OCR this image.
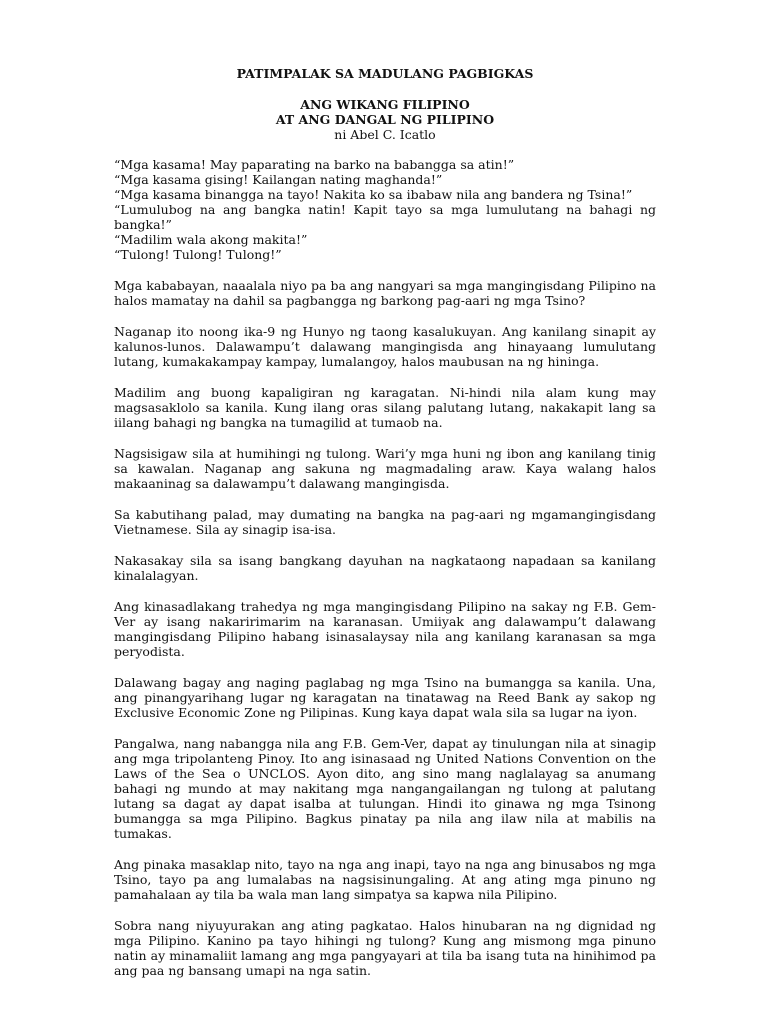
PATIMPALAK SA MADULANG PAGBIGKAS

ANG WIKANG FILIPINO

AT ANG DANGAL NG PILIPINO

ni Abel C. Icatlo

“Mga kasama! May paparating na barko na babangga sa atin!”
“Mga kasama gising! Kailangan nating maghanda!”
“Mga kasama binangga na tayo! Nakita ko sa ibabaw nila ang bandera ng Tsina!”
“Lumulubog na ang bangka natin! Kapit tayo sa mga lumulutang na bahagi ng bangka!”
“Madilim wala akong makita!”
“Tulong! Tulong! Tulong!”

Mga kababayan, naaalala niyo pa ba ang nangyari sa mga mangingisdang Pilipino na halos mamatay na dahil sa pagbangga ng barkong pag-aari ng mga Tsino?

Naganap ito noong ika-9 ng Hunyo ng taong kasalukuyan. Ang kanilang sinapit ay kalunos-lunos. Dalawampu’t dalawang mangingisda ang hinayaang lumulutang lutang, kumakakampay kampay, lumalangoy, halos maubusan na ng hininga.

Madilim ang buong kapaligiran ng karagatan. Ni-hindi nila alam kung may magsasaklolo sa kanila. Kung ilang oras silang palutang lutang, nakakapit lang sa iilang bahagi ng bangka na tumagilid at tumaob na.

Nagsisigaw sila at humihingi ng tulong. Wari’y mga huni ng ibon ang kanilang tinig sa kawalan. Naganap ang sakuna ng magmadaling araw. Kaya walang halos makaaninag sa dalawampu’t dalawang mangingisda.

Sa kabutihang palad, may dumating na bangka na pag-aari ng mgamangingisdang Vietnamese. Sila ay sinagip isa-isa.

Nakasakay sila sa isang bangkang dayuhan na nagkataong napadaan sa kanilang kinalalagyan.

Ang kinasadlakang trahedya ng mga mangingisdang Pilipino na sakay ng F.B. Gem-Ver ay isang nakaririmarim na karanasan. Umiiyak ang dalawampu’t dalawang mangingisdang Pilipino habang isinasalaysay nila ang kanilang karanasan sa mga peryodista.

Dalawang bagay ang naging paglabag ng mga Tsino na bumangga sa kanila. Una, ang pinangyarihang lugar ng karagatan na tinatawag na Reed Bank ay sakop ng Exclusive Economic Zone ng Pilipinas. Kung kaya dapat wala sila sa lugar na iyon.

Pangalwa, nang nabangga nila ang F.B. Gem-Ver, dapat ay tinulungan nila at sinagip ang mga tripolanteng Pinoy. Ito ang isinasaad ng United Nations Convention on the Laws of the Sea o UNCLOS. Ayon dito, ang sino mang naglalayag sa anumang bahagi ng mundo at may nakitang mga nangangailangan ng tulong at palutang lutang sa dagat ay dapat isalba at tulungan. Hindi ito ginawa ng mga Tsinong bumangga sa mga Pilipino. Bagkus pinatay pa nila ang ilaw nila at mabilis na tumakas.

Ang pinaka masaklap nito, tayo na nga ang inapi, tayo na nga ang binusabos ng mga Tsino, tayo pa ang lumalabas na nagsisinungaling. At ang ating mga pinuno ng pamahalaan ay tila ba wala man lang simpatya sa kapwa nila Pilipino.

Sobra nang niyuyurakan ang ating pagkatao. Halos hinubaran na ng dignidad ng mga Pilipino. Kanino pa tayo hihingi ng tulong? Kung ang mismong mga pinuno natin ay minamaliit lamang ang mga pangyayari at tila ba isang tuta na hinihimod pa ang paa ng bansang umapi na nga satin.
